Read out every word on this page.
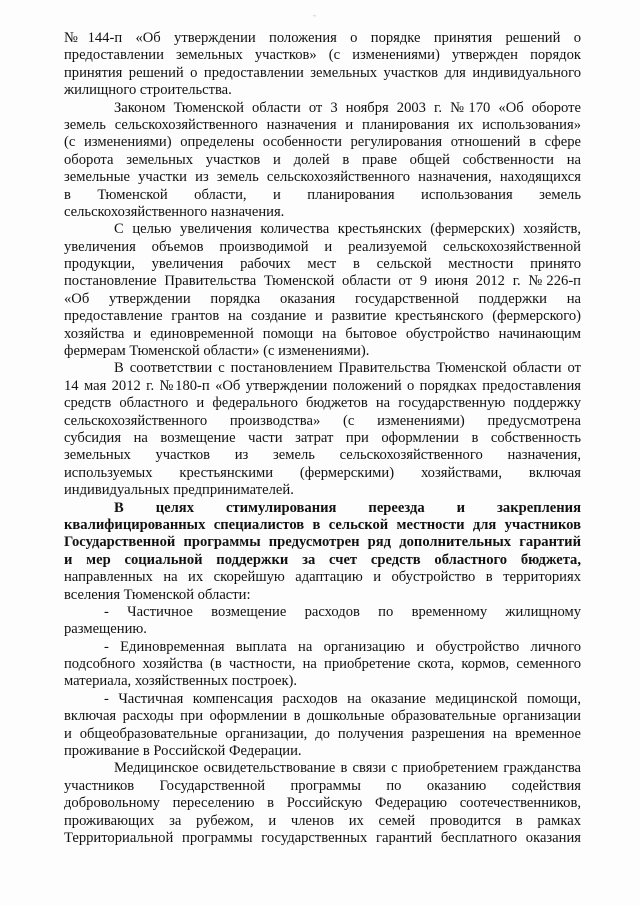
~
№144-п «Об утверждении положения о порядке принятия решений о
предоставлении земельных участков» (с изменениями) утвержден порядок
принятия решений о предоставлении земельных участков для индивидуального
жилищного строительства.
Законом Тюменской области от 3 ноября 2003 г. №170 «Об обороте
земель сельскохозяйственного назначения и планирования их использования»
(с изменениями) определены особенности регулирования отношений в сфере
оборота земельных участков и долей в праве общей собственности на
земельные участки из земель сельскохозяйственного назначения, находящихся
в Тюменской области, и планирования использования земель
сельскохозяйственного назначения.
С целью увеличения количества крестьянских (фермерских) хозяйств,
увеличения объемов производимой и реализуемой сельскохозяйственной
продукции, увеличения рабочих мест в сельской местности принято
постановление Правительства Тюменской области от 9 июня 2012 г. №226-п
«Об утверждении порядка оказания государственной поддержки на
предоставление грантов на создание и развитие крестьянского (фермерского)
хозяйства и единовременной помощи на бытовое обустройство начинающим
фермерам Тюменской области» (с изменениями).
В соответствии с постановлением Правительства Тюменской области от
14 мая 2012 г. №180-п «Об утверждении положений о порядках предоставления
средств областного и федерального бюджетов на государственную поддержку
сельскохозяйственного производства» (с изменениями) предусмотрена
субсидия на возмещение части затрат при оформлении в собственность
земельных участков из земель сельскохозяйственного назначения,
используемых крестьянскими (фермерскими) хозяйствами, включая
индивидуальных предпринимателей.
В целях стимулирования переезда и закрепления
квалифицированных специалистов в сельской местности для участников
Государственной программы предусмотрен ряд дополнительных гарантий
и мер социальной поддержки за счет средств областного бюджета,
направленных на их скорейшую адаптацию и обустройство в территориях
вселения Тюменской области:
- Частичное возмещение расходов по временному жилищному
размещению.
- Единовременная выплата на организацию и обустройство личного
подсобного хозяйства (в частности, на приобретение скота, кормов, семенного
материала, хозяйственных построек).
- Частичная компенсация расходов на оказание медицинской помощи,
включая расходы при оформлении в дошкольные образовательные организации
и общеобразовательные организации, до получения разрешения на временное
проживание в Российской Федерации.
Медицинское освидетельствование в связи с приобретением гражданства
участников Государственной программы по оказанию содействия
добровольному переселению в Российскую Федерацию соотечественников,
проживающих за рубежом, и членов их семей проводится в рамках
Территориальной программы государственных гарантий бесплатного оказания
